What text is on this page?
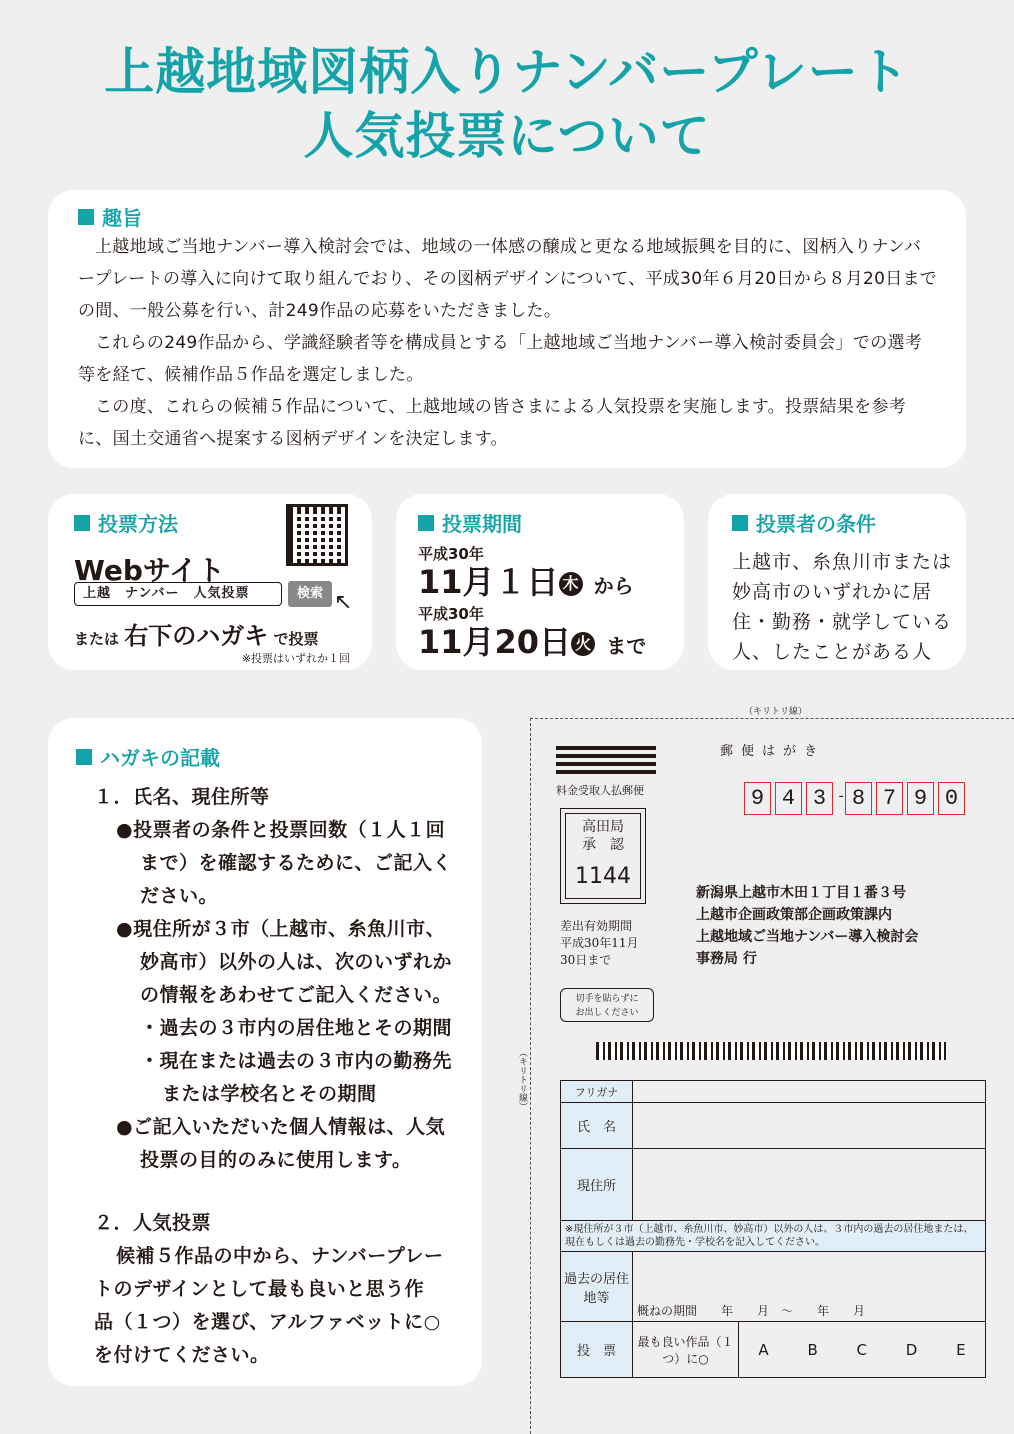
上越地域図柄入りナンバープレート
人気投票について
趣旨

上越地域ご当地ナンバー導入検討会では、地域の一体感の醸成と更なる地域振興を目的に、図柄入りナンバープレートの導入に向けて取り組んでおり、その図柄デザインについて、平成30年６月20日から８月20日までの間、一般公募を行い、計249作品の応募をいただきました。

これらの249作品から、学識経験者等を構成員とする「上越地域ご当地ナンバー導入検討委員会」での選考等を経て、候補作品５作品を選定しました。

この度、これらの候補５作品について、上越地域の皆さまによる人気投票を実施します。投票結果を参考に、国土交通省へ提案する図柄デザインを決定します。

投票方法
Webサイト
上越　ナンバー　人気投票	検索 ↖
または 右下のハガキ で投票
※投票はいずれか１回
投票期間
平成30年
11月１日 木 から
平成30年
11月20日 火 まで
投票者の条件
上越市、糸魚川市または
妙高市のいずれかに居
住・勤務・就学している
人、したことがある人
ハガキの記載
１．氏名、現住所等
●投票者の条件と投票回数（１人１回
まで）を確認するために、ご記入く
ださい。
●現住所が３市（上越市、糸魚川市、
妙高市）以外の人は、次のいずれか
の情報をあわせてご記入ください。
・過去の３市内の居住地とその期間
・現在または過去の３市内の勤務先
または学校名とその期間
●ご記入いただいた個人情報は、人気
投票の目的のみに使用します。
２．人気投票
候補５作品の中から、ナンバープレー
トのデザインとして最も良いと思う作
品（１つ）を選び、アルファベットに○
を付けてください。
（キリトリ線）
（キリトリ線）
料金受取人払郵便
高田局
承　認
1144
差出有効期間
平成30年11月
30日まで
切手を貼らずに
お出しください
郵便はがき
9 4 3 - 8 7 9 0
新潟県上越市木田１丁目１番３号
上越市企画政策部企画政策課内
上越地域ご当地ナンバー導入検討会
事務局 行
フリガナ		
氏　名		
現住所		
※現住所が３市（上越市、糸魚川市、妙高市）以外の人は、３市内の過去の居住地または、現在もしくは過去の勤務先・学校名を記入してください。		
過去の居住地等	概ねの期間　　 年　　月　〜　　年　　月	
投　票	最も良い作品（１つ）に○	A B C D E
